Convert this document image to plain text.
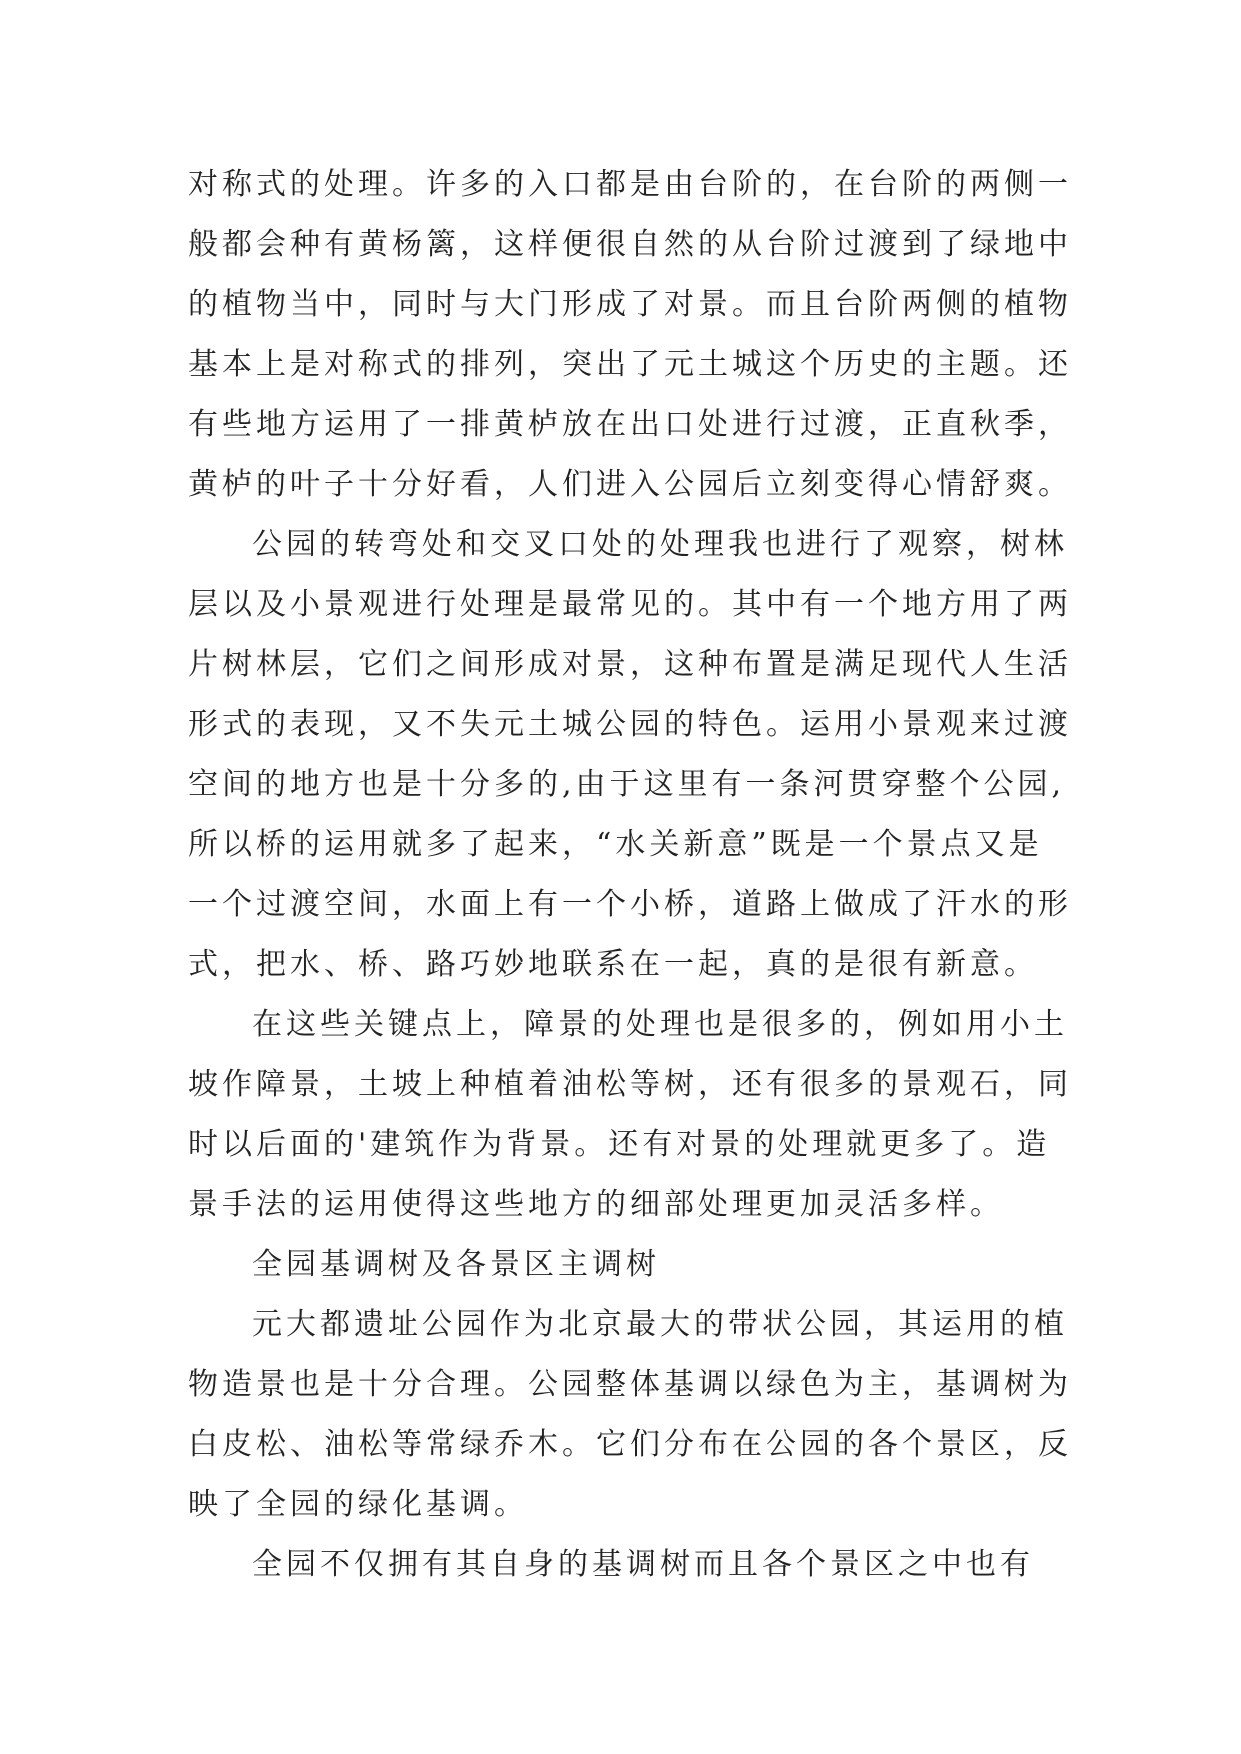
对称式的处理。许多的入口都是由台阶的，在台阶的两侧一
般都会种有黄杨篱，这样便很自然的从台阶过渡到了绿地中
的植物当中，同时与大门形成了对景。而且台阶两侧的植物
基本上是对称式的排列，突出了元土城这个历史的主题。还
有些地方运用了一排黄栌放在出口处进行过渡，正直秋季，
黄栌的叶子十分好看，人们进入公园后立刻变得心情舒爽。
公园的转弯处和交叉口处的处理我也进行了观察，树林
层以及小景观进行处理是最常见的。其中有一个地方用了两
片树林层，它们之间形成对景，这种布置是满足现代人生活
形式的表现，又不失元土城公园的特色。运用小景观来过渡
空间的地方也是十分多的,由于这里有一条河贯穿整个公园,
所以桥的运用就多了起来，“水关新意”既是一个景点又是
一个过渡空间，水面上有一个小桥，道路上做成了汗水的形
式，把水、桥、路巧妙地联系在一起，真的是很有新意。
在这些关键点上，障景的处理也是很多的，例如用小土
坡作障景，土坡上种植着油松等树，还有很多的景观石，同
时以后面的'建筑作为背景。还有对景的处理就更多了。造
景手法的运用使得这些地方的细部处理更加灵活多样。
全园基调树及各景区主调树
元大都遗址公园作为北京最大的带状公园，其运用的植
物造景也是十分合理。公园整体基调以绿色为主，基调树为
白皮松、油松等常绿乔木。它们分布在公园的各个景区，反
映了全园的绿化基调。
全园不仅拥有其自身的基调树而且各个景区之中也有
